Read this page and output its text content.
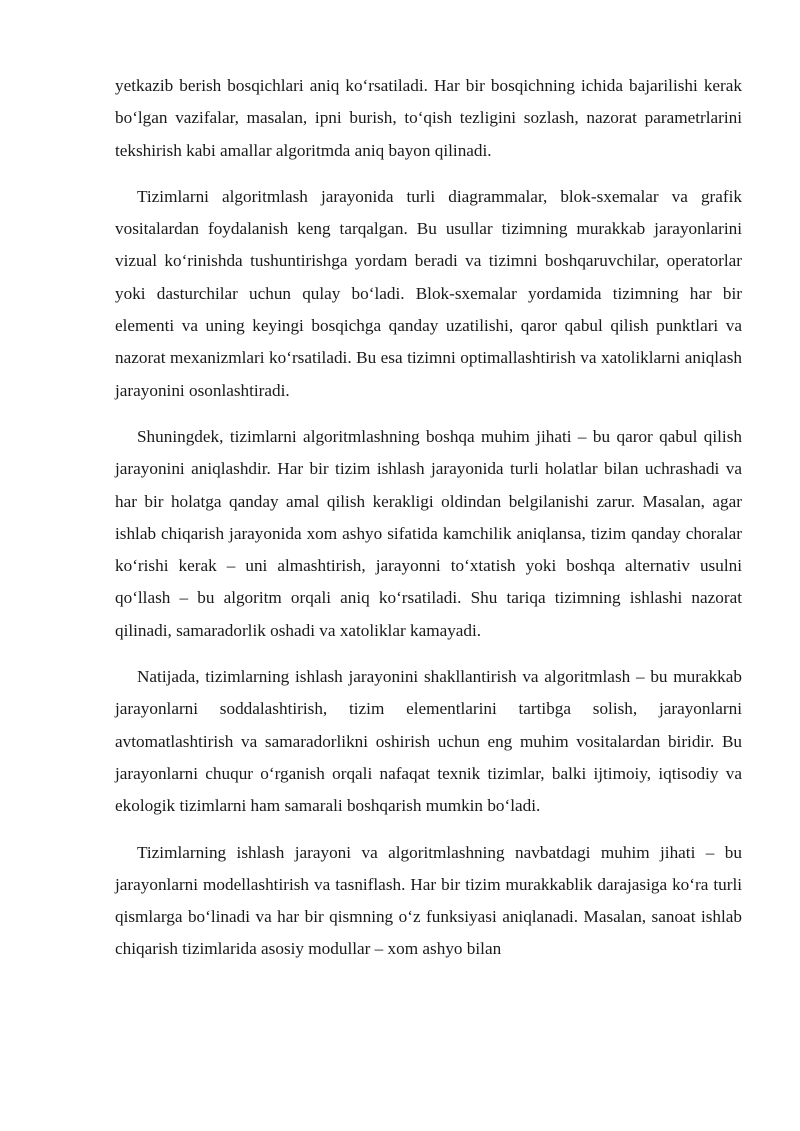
yetkazib berish bosqichlari aniq ko‘rsatiladi. Har bir bosqichning ichida bajarilishi kerak bo‘lgan vazifalar, masalan, ipni burish, to‘qish tezligini sozlash, nazorat parametrlarini tekshirish kabi amallar algoritmda aniq bayon qilinadi.

Tizimlarni algoritmlash jarayonida turli diagrammalar, blok-sxemalar va grafik vositalardan foydalanish keng tarqalgan. Bu usullar tizimning murakkab jarayonlarini vizual ko‘rinishda tushuntirishga yordam beradi va tizimni boshqaruvchilar, operatorlar yoki dasturchilar uchun qulay bo‘ladi. Blok-sxemalar yordamida tizimning har bir elementi va uning keyingi bosqichga qanday uzatilishi, qaror qabul qilish punktlari va nazorat mexanizmlari ko‘rsatiladi. Bu esa tizimni optimallashtirish va xatoliklarni aniqlash jarayonini osonlashtiradi.

Shuningdek, tizimlarni algoritmlashning boshqa muhim jihati – bu qaror qabul qilish jarayonini aniqlashdir. Har bir tizim ishlash jarayonida turli holatlar bilan uchrashadi va har bir holatga qanday amal qilish kerakligi oldindan belgilanishi zarur. Masalan, agar ishlab chiqarish jarayonida xom ashyo sifatida kamchilik aniqlansa, tizim qanday choralar ko‘rishi kerak – uni almashtirish, jarayonni to‘xtatish yoki boshqa alternativ usulni qo‘llash – bu algoritm orqali aniq ko‘rsatiladi. Shu tariqa tizimning ishlashi nazorat qilinadi, samaradorlik oshadi va xatoliklar kamayadi.

Natijada, tizimlarning ishlash jarayonini shakllantirish va algoritmlash – bu murakkab jarayonlarni soddalashtirish, tizim elementlarini tartibga solish, jarayonlarni avtomatlashtirish va samaradorlikni oshirish uchun eng muhim vositalardan biridir. Bu jarayonlarni chuqur o‘rganish orqali nafaqat texnik tizimlar, balki ijtimoiy, iqtisodiy va ekologik tizimlarni ham samarali boshqarish mumkin bo‘ladi.

Tizimlarning ishlash jarayoni va algoritmlashning navbatdagi muhim jihati – bu jarayonlarni modellashtirish va tasniflash. Har bir tizim murakkablik darajasiga ko‘ra turli qismlarga bo‘linadi va har bir qismning o‘z funksiyasi aniqlanadi. Masalan, sanoat ishlab chiqarish tizimlarida asosiy modullar – xom ashyo bilan
